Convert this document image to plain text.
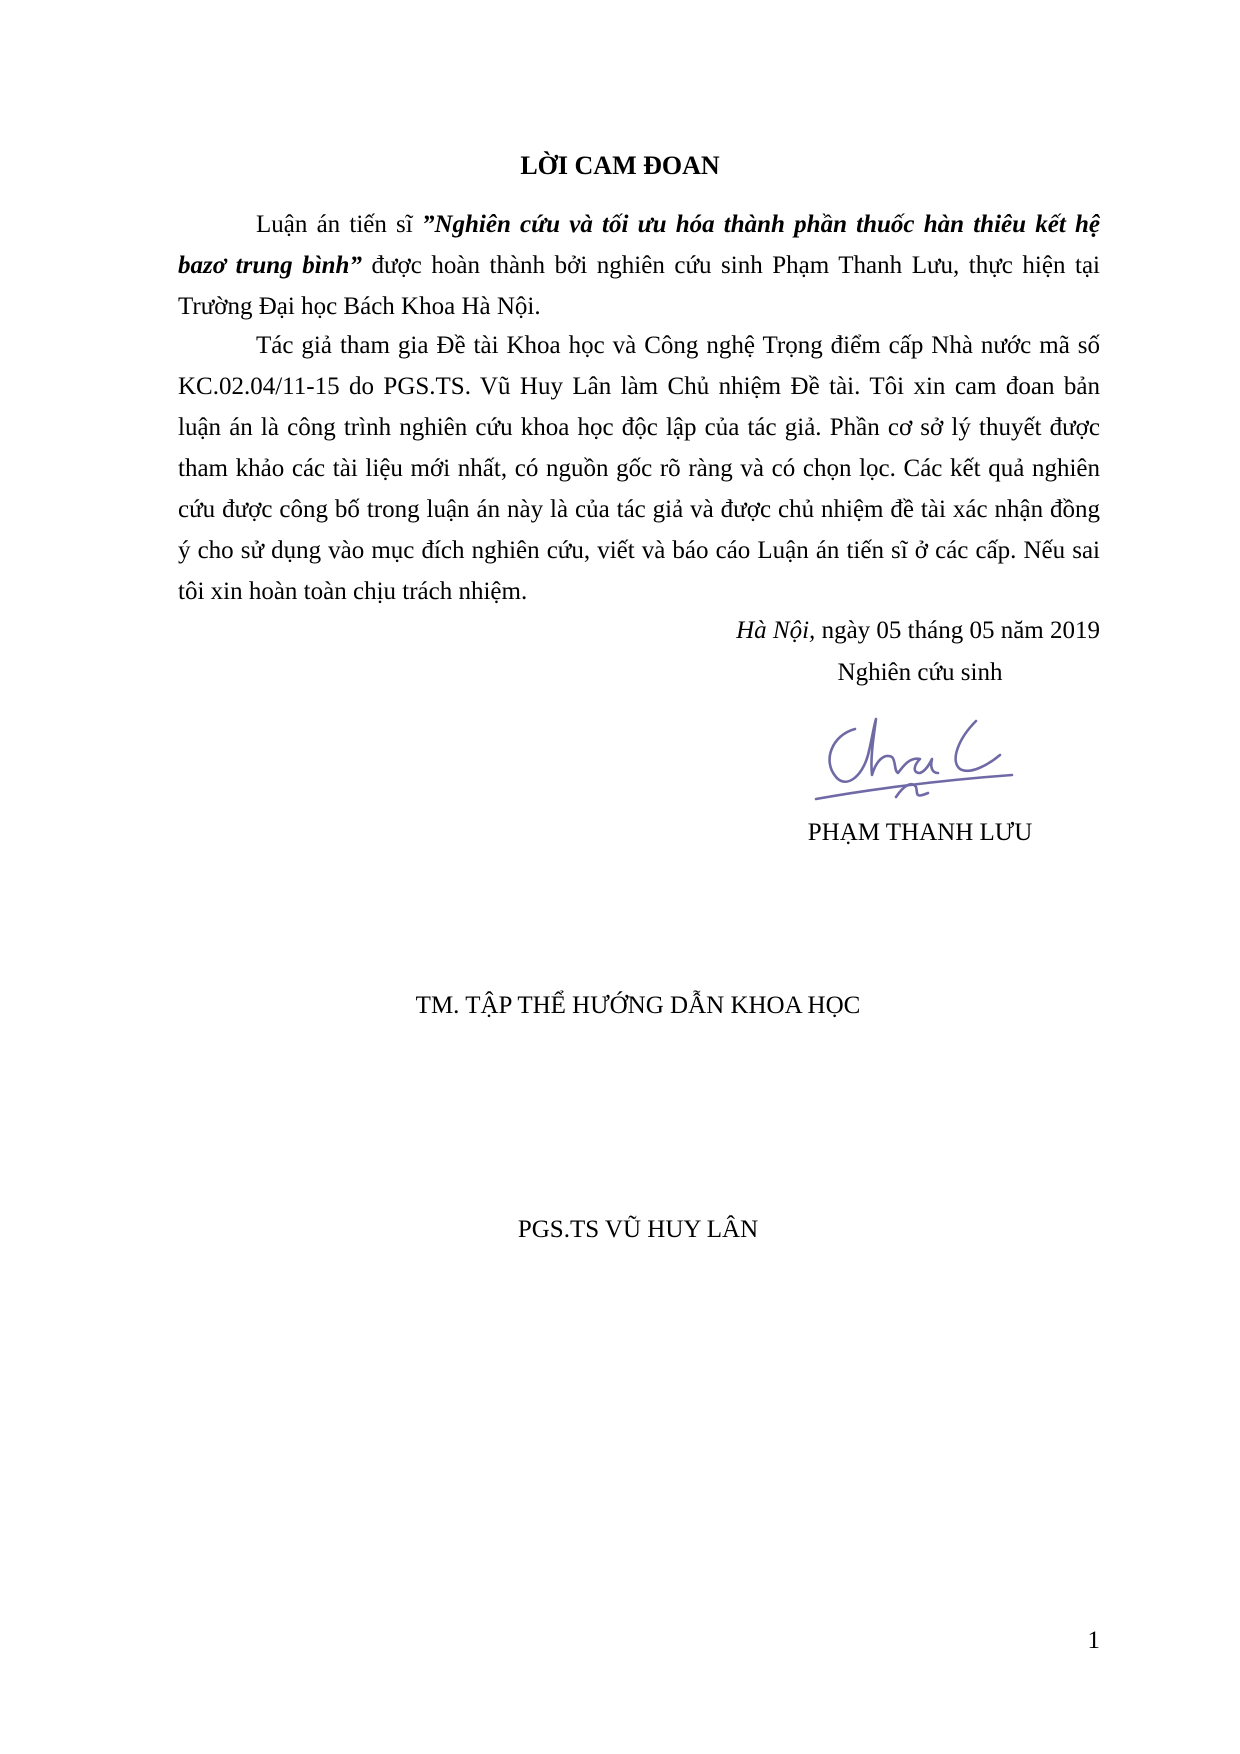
LỜI CAM ĐOAN

Luận án tiến sĩ ”Nghiên cứu và tối ưu hóa thành phần thuốc hàn thiêu kết hệ bazơ trung bình” được hoàn thành bởi nghiên cứu sinh Phạm Thanh Lưu, thực hiện tại Trường Đại học Bách Khoa Hà Nội.

Tác giả tham gia Đề tài Khoa học và Công nghệ Trọng điểm cấp Nhà nước mã số KC.02.04/11-15 do PGS.TS. Vũ Huy Lân làm Chủ nhiệm Đề tài. Tôi xin cam đoan bản luận án là công trình nghiên cứu khoa học độc lập của tác giả. Phần cơ sở lý thuyết được tham khảo các tài liệu mới nhất, có nguồn gốc rõ ràng và có chọn lọc. Các kết quả nghiên cứu được công bố trong luận án này là của tác giả và được chủ nhiệm đề tài xác nhận đồng ý cho sử dụng vào mục đích nghiên cứu, viết và báo cáo Luận án tiến sĩ ở các cấp. Nếu sai tôi xin hoàn toàn chịu trách nhiệm.

Hà Nội, ngày 05 tháng 05 năm 2019

Nghiên cứu sinh

PHẠM THANH LƯU

TM. TẬP THỂ HƯỚNG DẪN KHOA HỌC

PGS.TS VŨ HUY LÂN

1
